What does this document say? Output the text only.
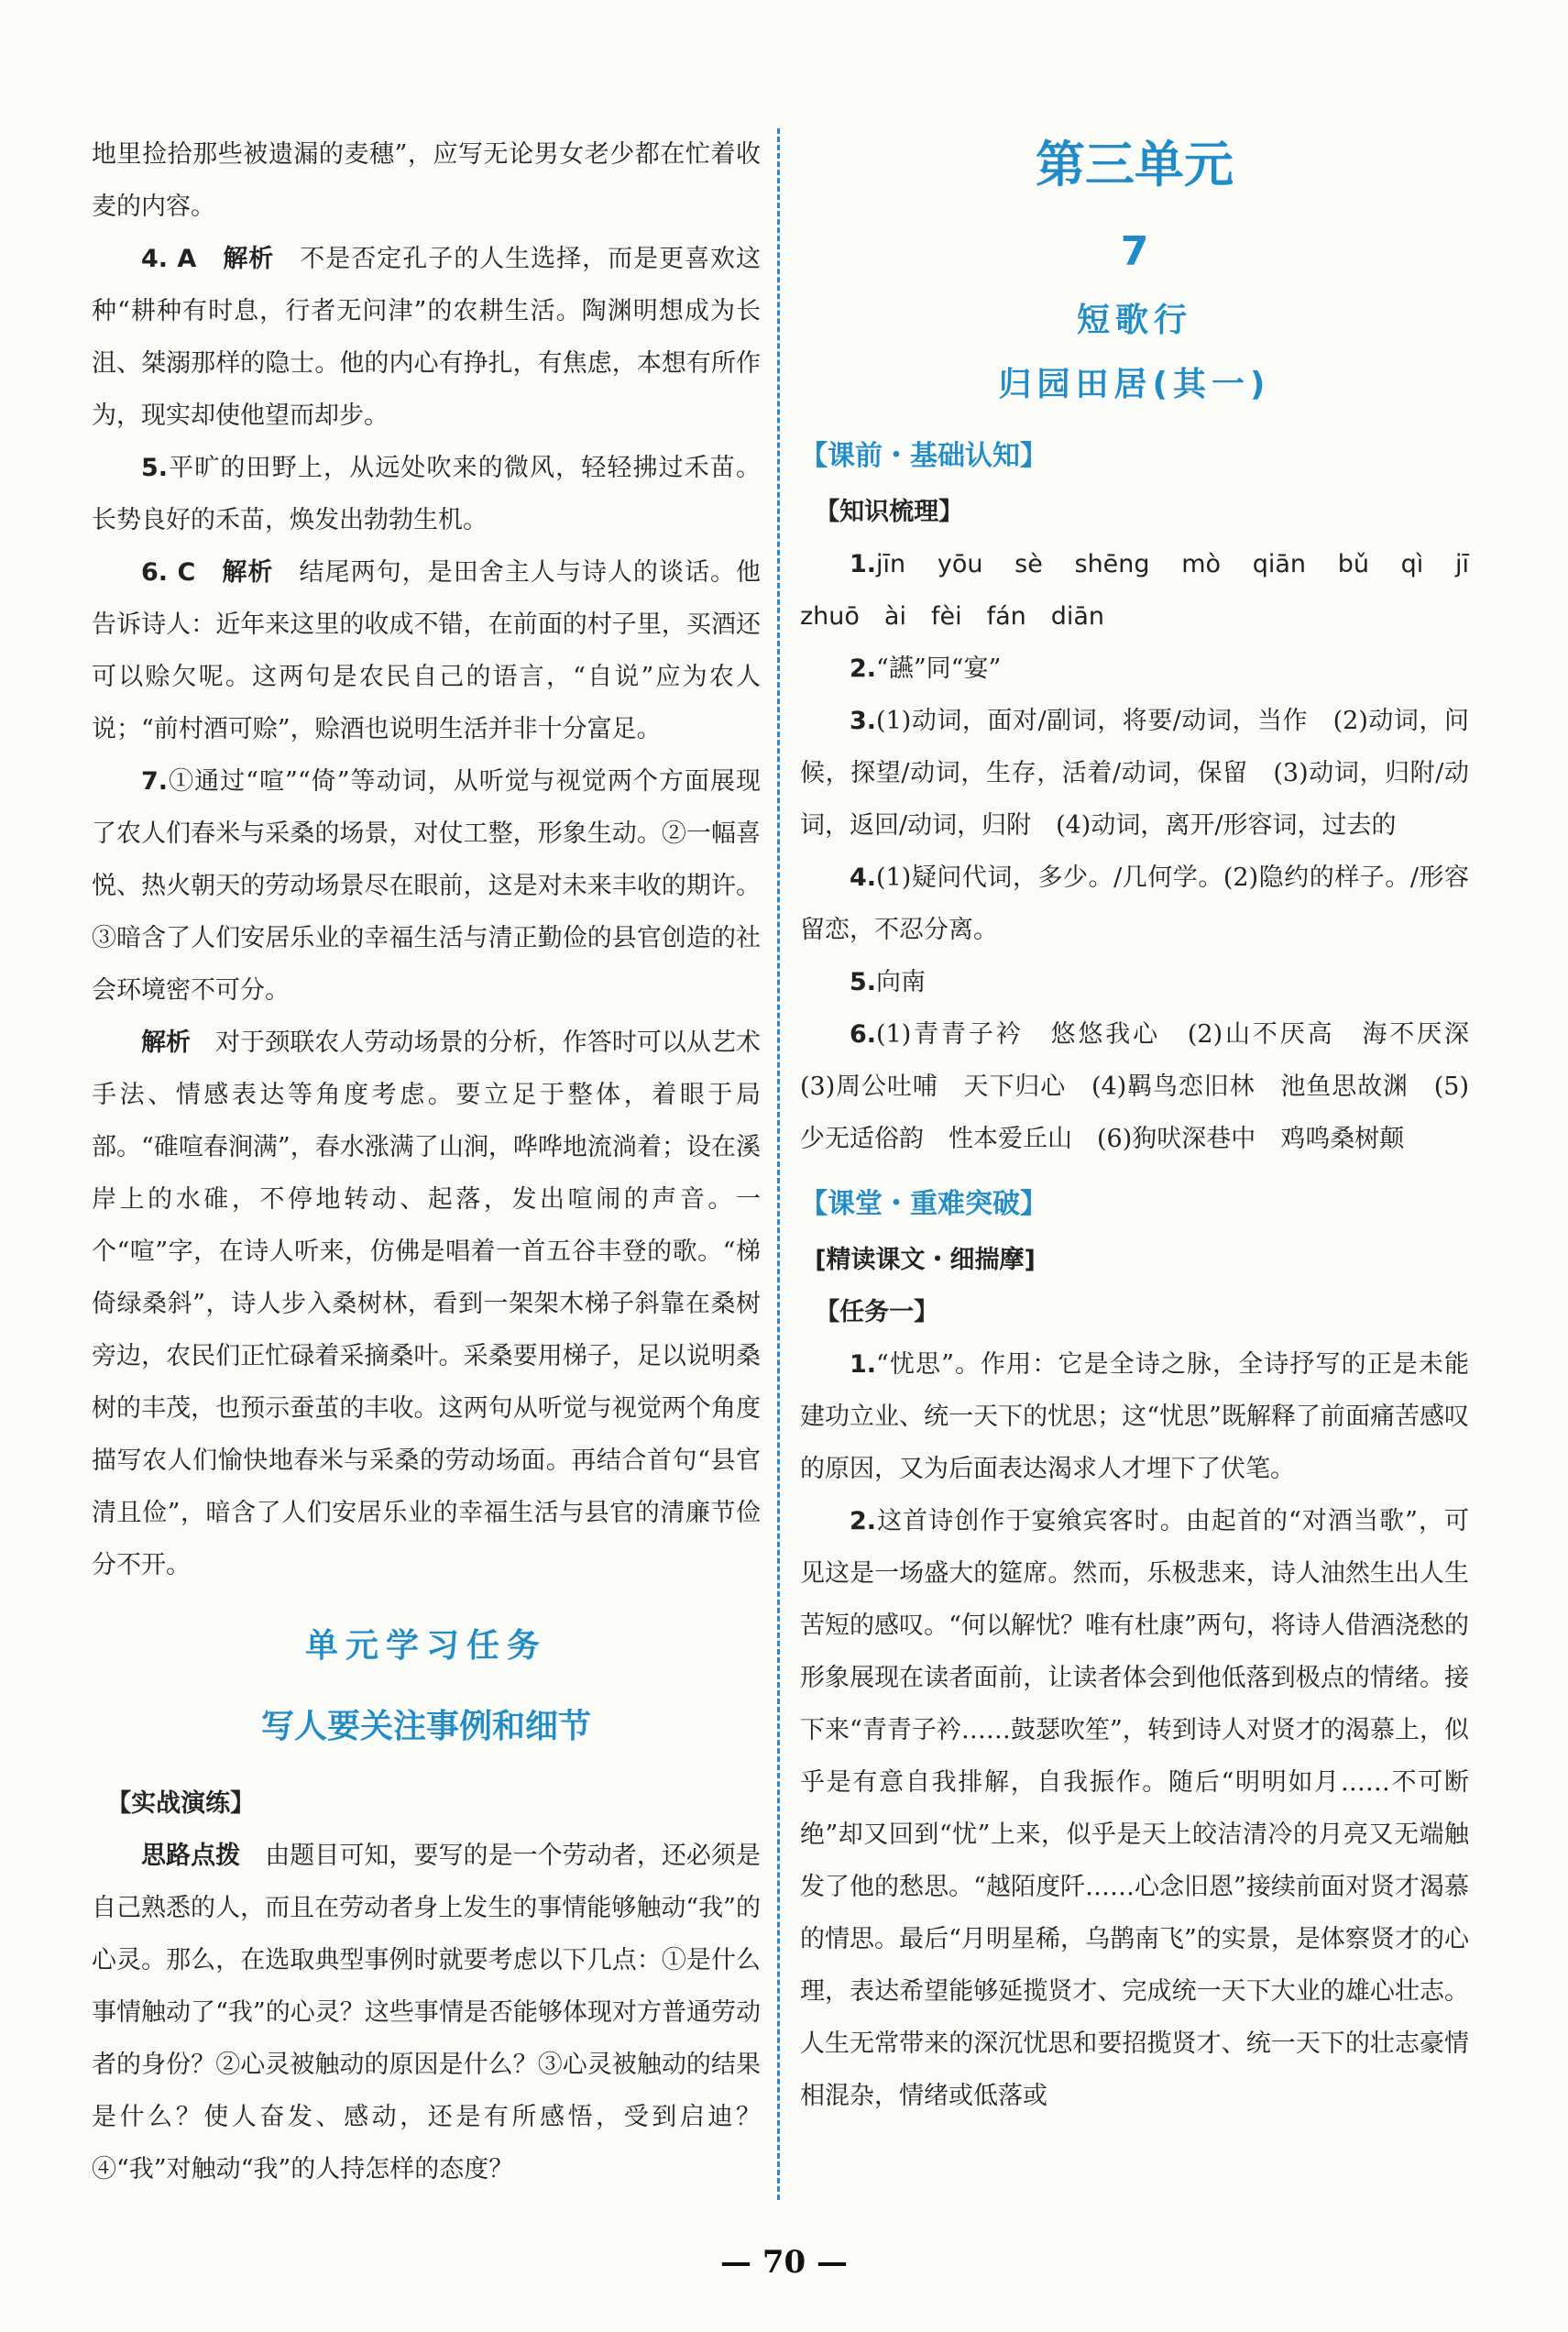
地里捡拾那些被遗漏的麦穗”，应写无论男女老少都在忙着收麦的内容。

4. A　 解析　 不是否定孔子的人生选择，而是更喜欢这种“耕种有时息，行者无问津”的农耕生活。陶渊明想成为长沮、桀溺那样的隐士。他的内心有挣扎，有焦虑，本想有所作为，现实却使他望而却步。

5.平旷的田野上，从远处吹来的微风，轻轻拂过禾苗。长势良好的禾苗，焕发出勃勃生机。

6. C　 解析　 结尾两句，是田舍主人与诗人的谈话。他告诉诗人：近年来这里的收成不错，在前面的村子里，买酒还可以赊欠呢。这两句是农民自己的语言，“自说”应为农人说；“前村酒可赊”，赊酒也说明生活并非十分富足。

7.①通过“喧”“倚”等动词，从听觉与视觉两个方面展现了农人们春米与采桑的场景，对仗工整，形象生动。②一幅喜悦、热火朝天的劳动场景尽在眼前，这是对未来丰收的期许。③暗含了人们安居乐业的幸福生活与清正勤俭的县官创造的社会环境密不可分。

解析　 对于颈联农人劳动场景的分析，作答时可以从艺术手法、情感表达等角度考虑。要立足于整体，着眼于局部。“碓喧春涧满”，春水涨满了山涧，哗哗地流淌着；设在溪岸上的水碓，不停地转动、起落，发出喧闹的声音。一个“喧”字，在诗人听来，仿佛是唱着一首五谷丰登的歌。“梯倚绿桑斜”，诗人步入桑树林，看到一架架木梯子斜靠在桑树旁边，农民们正忙碌着采摘桑叶。采桑要用梯子，足以说明桑树的丰茂，也预示蚕茧的丰收。这两句从听觉与视觉两个角度描写农人们愉快地春米与采桑的劳动场面。再结合首句“县官清且俭”，暗含了人们安居乐业的幸福生活与县官的清廉节俭分不开。

单元学习任务
写人要关注事例和细节

【实战演练】

思路点拨　 由题目可知，要写的是一个劳动者，还必须是自己熟悉的人，而且在劳动者身上发生的事情能够触动“我”的心灵。那么，在选取典型事例时就要考虑以下几点：①是什么事情触动了“我”的心灵？这些事情是否能够体现对方普通劳动者的身份？②心灵被触动的原因是什么？③心灵被触动的结果是什么？使人奋发、感动，还是有所感悟，受到启迪？④“我”对触动“我”的人持怎样的态度？

第三单元
7
短歌行
归园田居(其一)

【课前・基础认知】

【知识梳理】

1.jīn　yōu　sè　shēng　mò　qiān　bǔ　qì　jī　zhuō　ài　fèi　fán　diān

2.“讌”同“宴”

3.(1)动词，面对/副词，将要/动词，当作　(2)动词，问候，探望/动词，生存，活着/动词，保留　(3)动词，归附/动词，返回/动词，归附　(4)动词，离开/形容词，过去的

4.(1)疑问代词，多少。/几何学。(2)隐约的样子。/形容留恋，不忍分离。

5.向南

6.(1)青青子衿　悠悠我心　(2)山不厌高　海不厌深　(3)周公吐哺　天下归心　(4)羁鸟恋旧林　池鱼思故渊　(5)少无适俗韵　性本爱丘山　(6)狗吠深巷中　鸡鸣桑树颠

【课堂・重难突破】

[精读课文・细揣摩]

【任务一】

1.“忧思”。作用：它是全诗之脉，全诗抒写的正是未能建功立业、统一天下的忧思；这“忧思”既解释了前面痛苦感叹的原因，又为后面表达渴求人才埋下了伏笔。

2.这首诗创作于宴飨宾客时。由起首的“对酒当歌”，可见这是一场盛大的筵席。然而，乐极悲来，诗人油然生出人生苦短的感叹。“何以解忧？唯有杜康”两句，将诗人借酒浇愁的形象展现在读者面前，让读者体会到他低落到极点的情绪。接下来“青青子衿……鼓瑟吹笙”，转到诗人对贤才的渴慕上，似乎是有意自我排解，自我振作。随后“明明如月……不可断绝”却又回到“忧”上来，似乎是天上皎洁清冷的月亮又无端触发了他的愁思。“越陌度阡……心念旧恩”接续前面对贤才渴慕的情思。最后“月明星稀，乌鹊南飞”的实景，是体察贤才的心理，表达希望能够延揽贤才、完成统一天下大业的雄心壮志。人生无常带来的深沉忧思和要招揽贤才、统一天下的壮志豪情相混杂，情绪或低落或

— 70 —
